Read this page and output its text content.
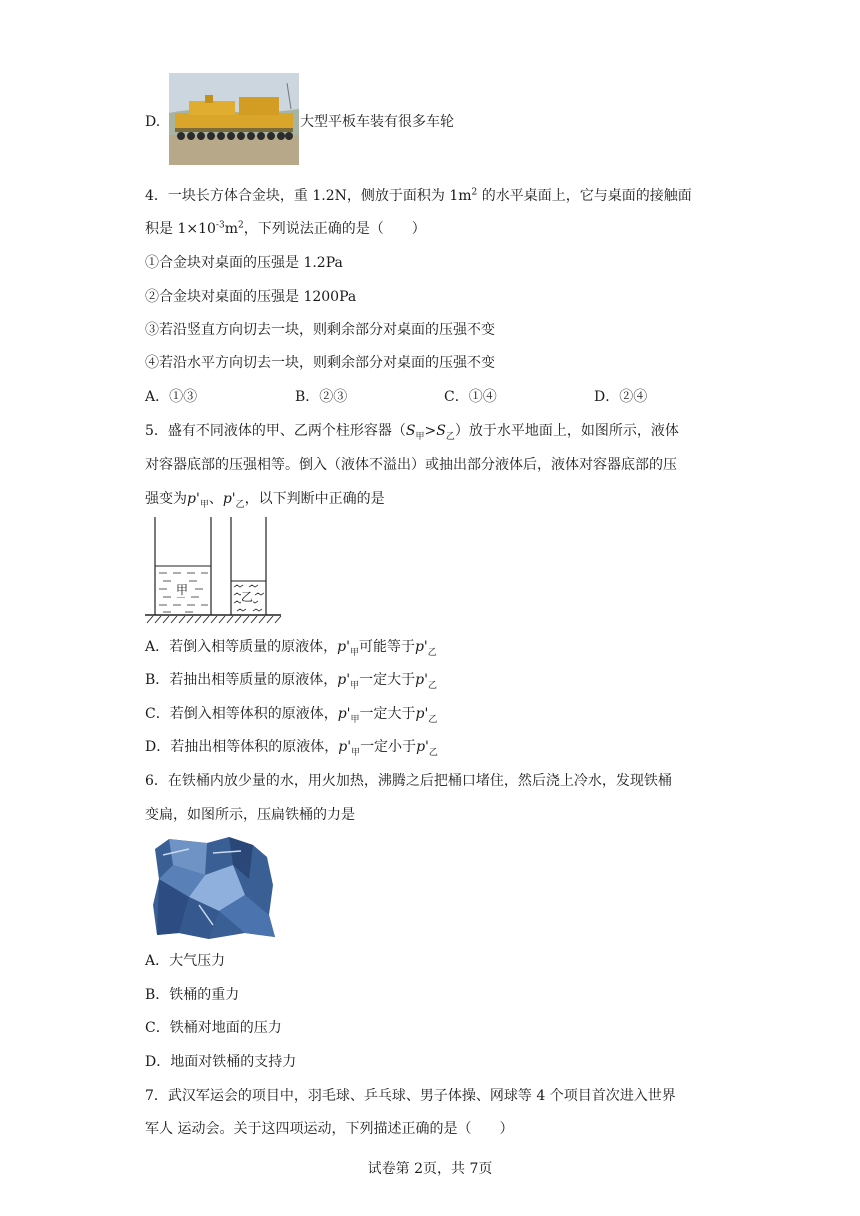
D.	大型平板车装有很多车轮
4．一块长方体合金块，重 1.2N，侧放于面积为 $1m^2$ 的水平桌面上，它与桌面的接触面
积是 $1\times 10^{-3}m^2$，下列说法正确的是（　　）
①合金块对桌面的压强是 1.2Pa
②合金块对桌面的压强是 1200Pa
③若沿竖直方向切去一块，则剩余部分对桌面的压强不变
④若沿水平方向切去一块，则剩余部分对桌面的压强不变
A．①③	B．②③	C．①④	D．②④
5．盛有不同液体的甲、乙两个柱形容器$(S_甲>S_乙)$放于水平地面上，如图所示，液体
对容器底部的压强相等。倒入（液体不溢出）或抽出部分液体后，液体对容器底部的压
强变为$p'_甲$、$p'_乙$，以下判断中正确的是
甲	乙
A．若倒入相等质量的原液体，$p'_甲$可能等于$p'_乙$
B．若抽出相等质量的原液体，$p'_甲$一定大于$p'_乙$
C．若倒入相等体积的原液体，$p'_甲$一定大于$p'_乙$
D．若抽出相等体积的原液体，$p'_甲$一定小于$p'_乙$
6．在铁桶内放少量的水，用火加热，沸腾之后把桶口堵住，然后浇上冷水，发现铁桶
变扁，如图所示，压扁铁桶的力是
A．大气压力
B．铁桶的重力
C．铁桶对地面的压力
D．地面对铁桶的支持力
7．武汉军运会的项目中，羽毛球、乒乓球、男子体操、网球等 4 个项目首次进入世界
军人 运动会。关于这四项运动，下列描述正确的是（　　）
试卷第 2页，共 7页
